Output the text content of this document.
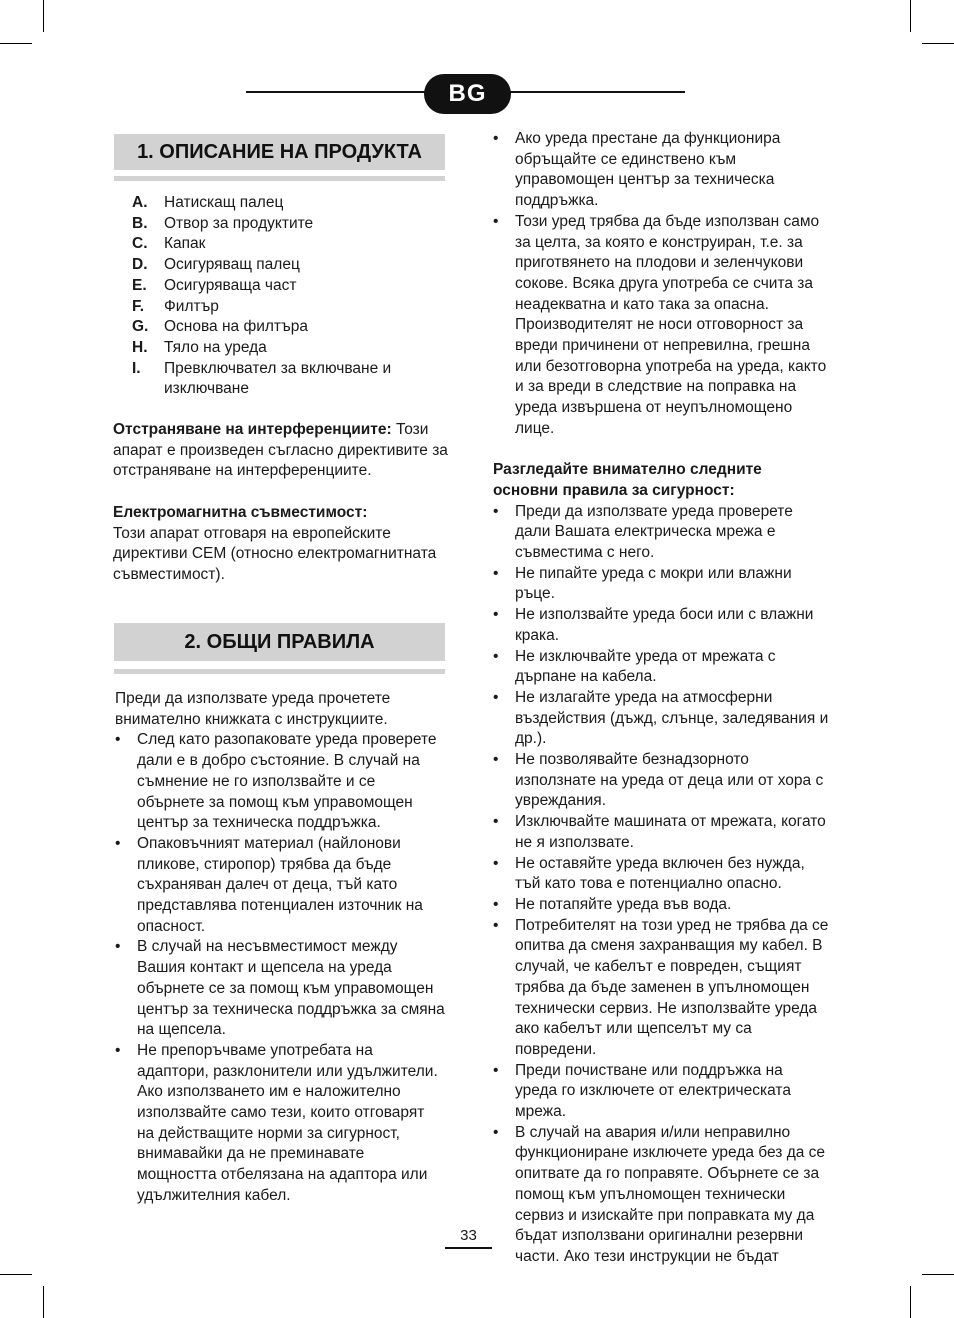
BG
1. ОПИСАНИЕ НА ПРОДУКТА
A.	Натискащ палец
B.	Отвор за продуктите
C.	Капак
D.	Осигуряващ палец
E.	Осигуряваща част
F.	Филтър
G.	Основа на филтъра
H.	Тяло на уреда
I.	Превключвател за включване и изключване

Отстраняване на интерференциите: Този апарат е произведен съгласно директивите за отстраняване на интерференциите.

Електромагнитна съвместимост:

Този апарат отговаря на европейските директиви CEM (относно електромагнитната съвместимост).

2. ОБЩИ ПРАВИЛА

Преди да използвате уреда прочетете внимателно книжката с инструкциите.

• След като разопаковате уреда проверете дали е в добро състояние. В случай на съмнение не го използвайте и се обърнете за помощ към управомощен център за техническа поддръжка.
• Опаковъчният материал (найлонови пликове, стиропор) трябва да бъде съхраняван далеч от деца, тъй като представлява потенциален източник на опасност.
• В случай на несъвместимост между Вашия контакт и щепсела на уреда обърнете се за помощ към управомощен център за техническа поддръжка за смяна на щепсела.
• Не препоръчваме употребата на адаптори, разклонители или удължители. Ако използването им е наложително използвайте само тези, които отговарят на действащите норми за сигурност, внимавайки да не преминавате мощността отбелязана на адаптора или удължителния кабел.
• Ако уреда престане да функционира обръщайте се единствено към управомощен център за техническа поддръжка.
• Този уред трябва да бъде използван само за целта, за която е конструиран, т.е. за приготвянето на плодови и зеленчукови сокове. Всяка друга употреба се счита за неадекватна и като така за опасна. Производителят не носи отговорност за вреди причинени от непревилна, грешна или безотговорна употреба на уреда, както и за вреди в следствие на поправка на уреда извършена от неупълномощено лице.

Разгледайте внимателно следните основни правила за сигурност:

• Преди да използвате уреда проверете дали Вашата електрическа мрежа е съвместима с него.
• Не пипайте уреда с мокри или влажни ръце.
• Не използвайте уреда боси или с влажни крака.
• Не изключвайте уреда от мрежата с дърпане на кабела.
• Не излагайте уреда на атмосферни въздействия (дъжд, слънце, заледявания и др.).
• Не позволявайте безнадзорното използнате на уреда от деца или от хора с увреждания.
• Изключвайте машината от мрежата, когато не я използвате.
• Не оставяйте уреда включен без нужда, тъй като това е потенциално опасно.
• Не потапяйте уреда във вода.
• Потребителят на този уред не трябва да се опитва да сменя захранващия му кабел. В случай, че кабелът е повреден, същият трябва да бъде заменен в упълномощен технически сервиз. Не използвайте уреда ако кабелът или щепселът му са повредени.
• Преди почистване или поддръжка на уреда го изключете от електрическата мрежа.
• В случай на авария и/или неправилно функциониране изключете уреда без да се опитвате да го поправяте. Обърнете се за помощ към упълномощен технически сервиз и изискайте при поправката му да бъдат използвани оригинални резервни части. Ако тези инструкции не бъдат
33
